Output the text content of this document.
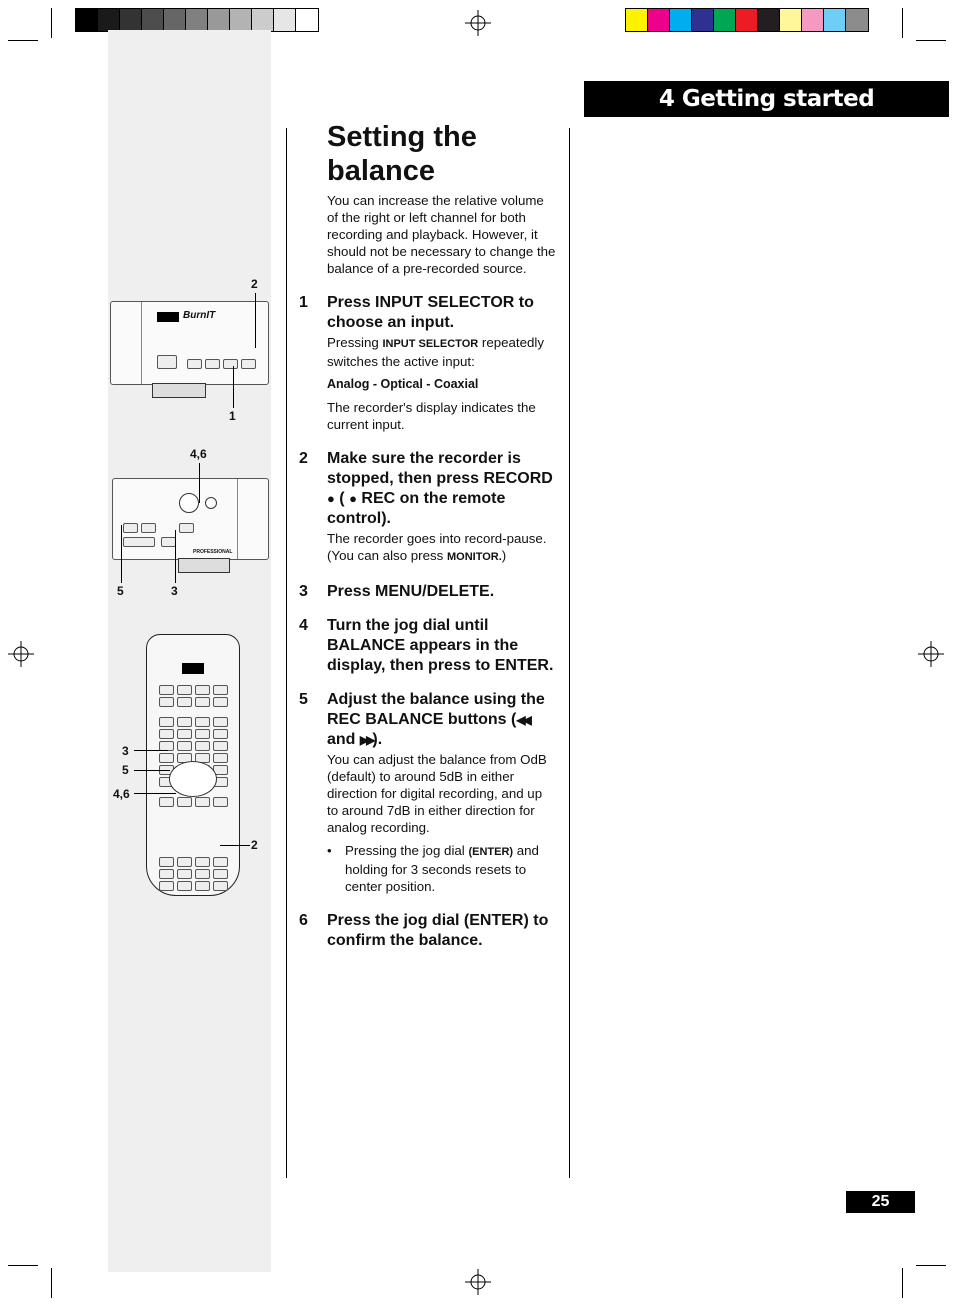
4 Getting started
25
BurnIT
2
1
PROFESSIONAL
4,6
5	3
3
5
4,6
2
Setting the balance

You can increase the relative volume of the right or left channel for both recording and playback. However, it should not be necessary to change the balance of a pre-recorded source.

1 Press INPUT SELECTOR to choose an input.

Pressing INPUT SELECTOR repeatedly switches the active input:

Analog - Optical - Coaxial

The recorder's display indicates the current input.

2 Make sure the recorder is stopped, then press RECORD ● ( ● REC on the remote control).

The recorder goes into record-pause. (You can also press MONITOR.)

3 Press MENU/DELETE.
4 Turn the jog dial until BALANCE appears in the display, then press to ENTER.
5 Adjust the balance using the REC BALANCE buttons (◀◀ and ▶▶).

You can adjust the balance from OdB (default) to around 5dB in either direction for digital recording, and up to around 7dB in either direction for analog recording.

• Pressing the jog dial (ENTER) and holding for 3 seconds resets to center position.
6 Press the jog dial (ENTER) to confirm the balance.
